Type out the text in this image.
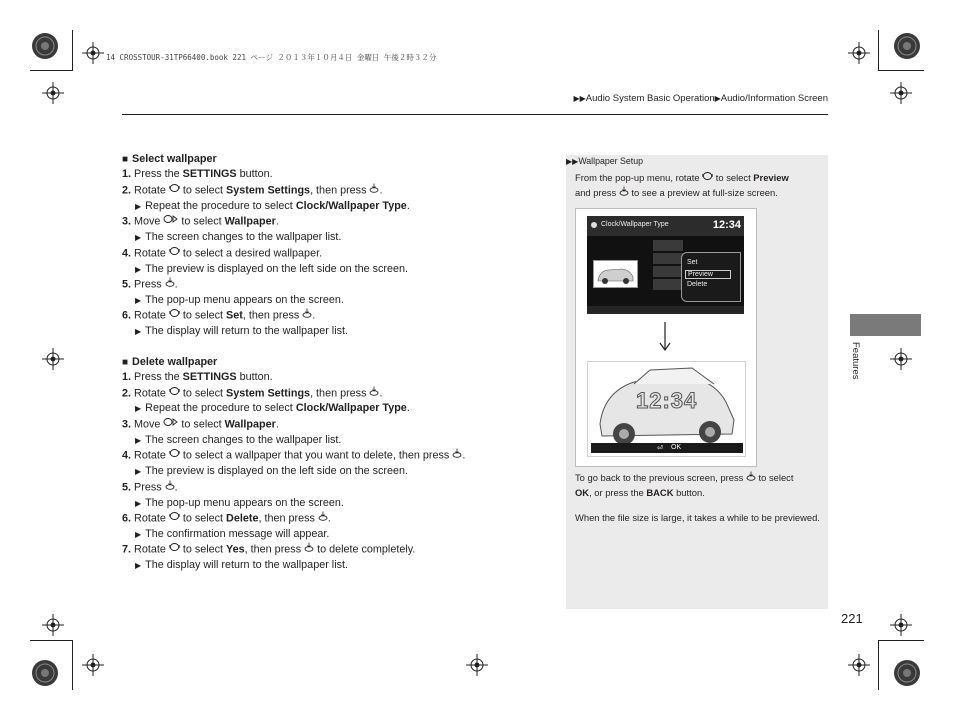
14 CROSSTOUR-31TP66400.book 221 ページ ２０１３年１０月４日 金曜日 午後２時３２分
▶▶Audio System Basic Operation▶Audio/Information Screen
■ Select wallpaper
1. Press the SETTINGS button.
2. Rotate to select System Settings, then press .
▶ Repeat the procedure to select Clock/Wallpaper Type.
3. Move to select Wallpaper.
▶ The screen changes to the wallpaper list.
4. Rotate to select a desired wallpaper.
▶ The preview is displayed on the left side on the screen.
5. Press .
▶ The pop-up menu appears on the screen.
6. Rotate to select Set, then press .
▶ The display will return to the wallpaper list.
■ Delete wallpaper
1. Press the SETTINGS button.
2. Rotate to select System Settings, then press .
▶ Repeat the procedure to select Clock/Wallpaper Type.
3. Move to select Wallpaper.
▶ The screen changes to the wallpaper list.
4. Rotate to select a wallpaper that you want to delete, then press .
▶ The preview is displayed on the left side on the screen.
5. Press .
▶ The pop-up menu appears on the screen.
6. Rotate to select Delete, then press .
▶ The confirmation message will appear.
7. Rotate to select Yes, then press to delete completely.
▶ The display will return to the wallpaper list.
▶▶Wallpaper Setup
From the pop-up menu, rotate to select Preview
and press to see a preview at full-size screen.
To go back to the previous screen, press to select
OK, or press the BACK button.
When the file size is large, it takes a while to be previewed.
Clock/Wallpaper Type	12:34
Set
Preview
Delete
12:34
⏎ OK
Features
221
